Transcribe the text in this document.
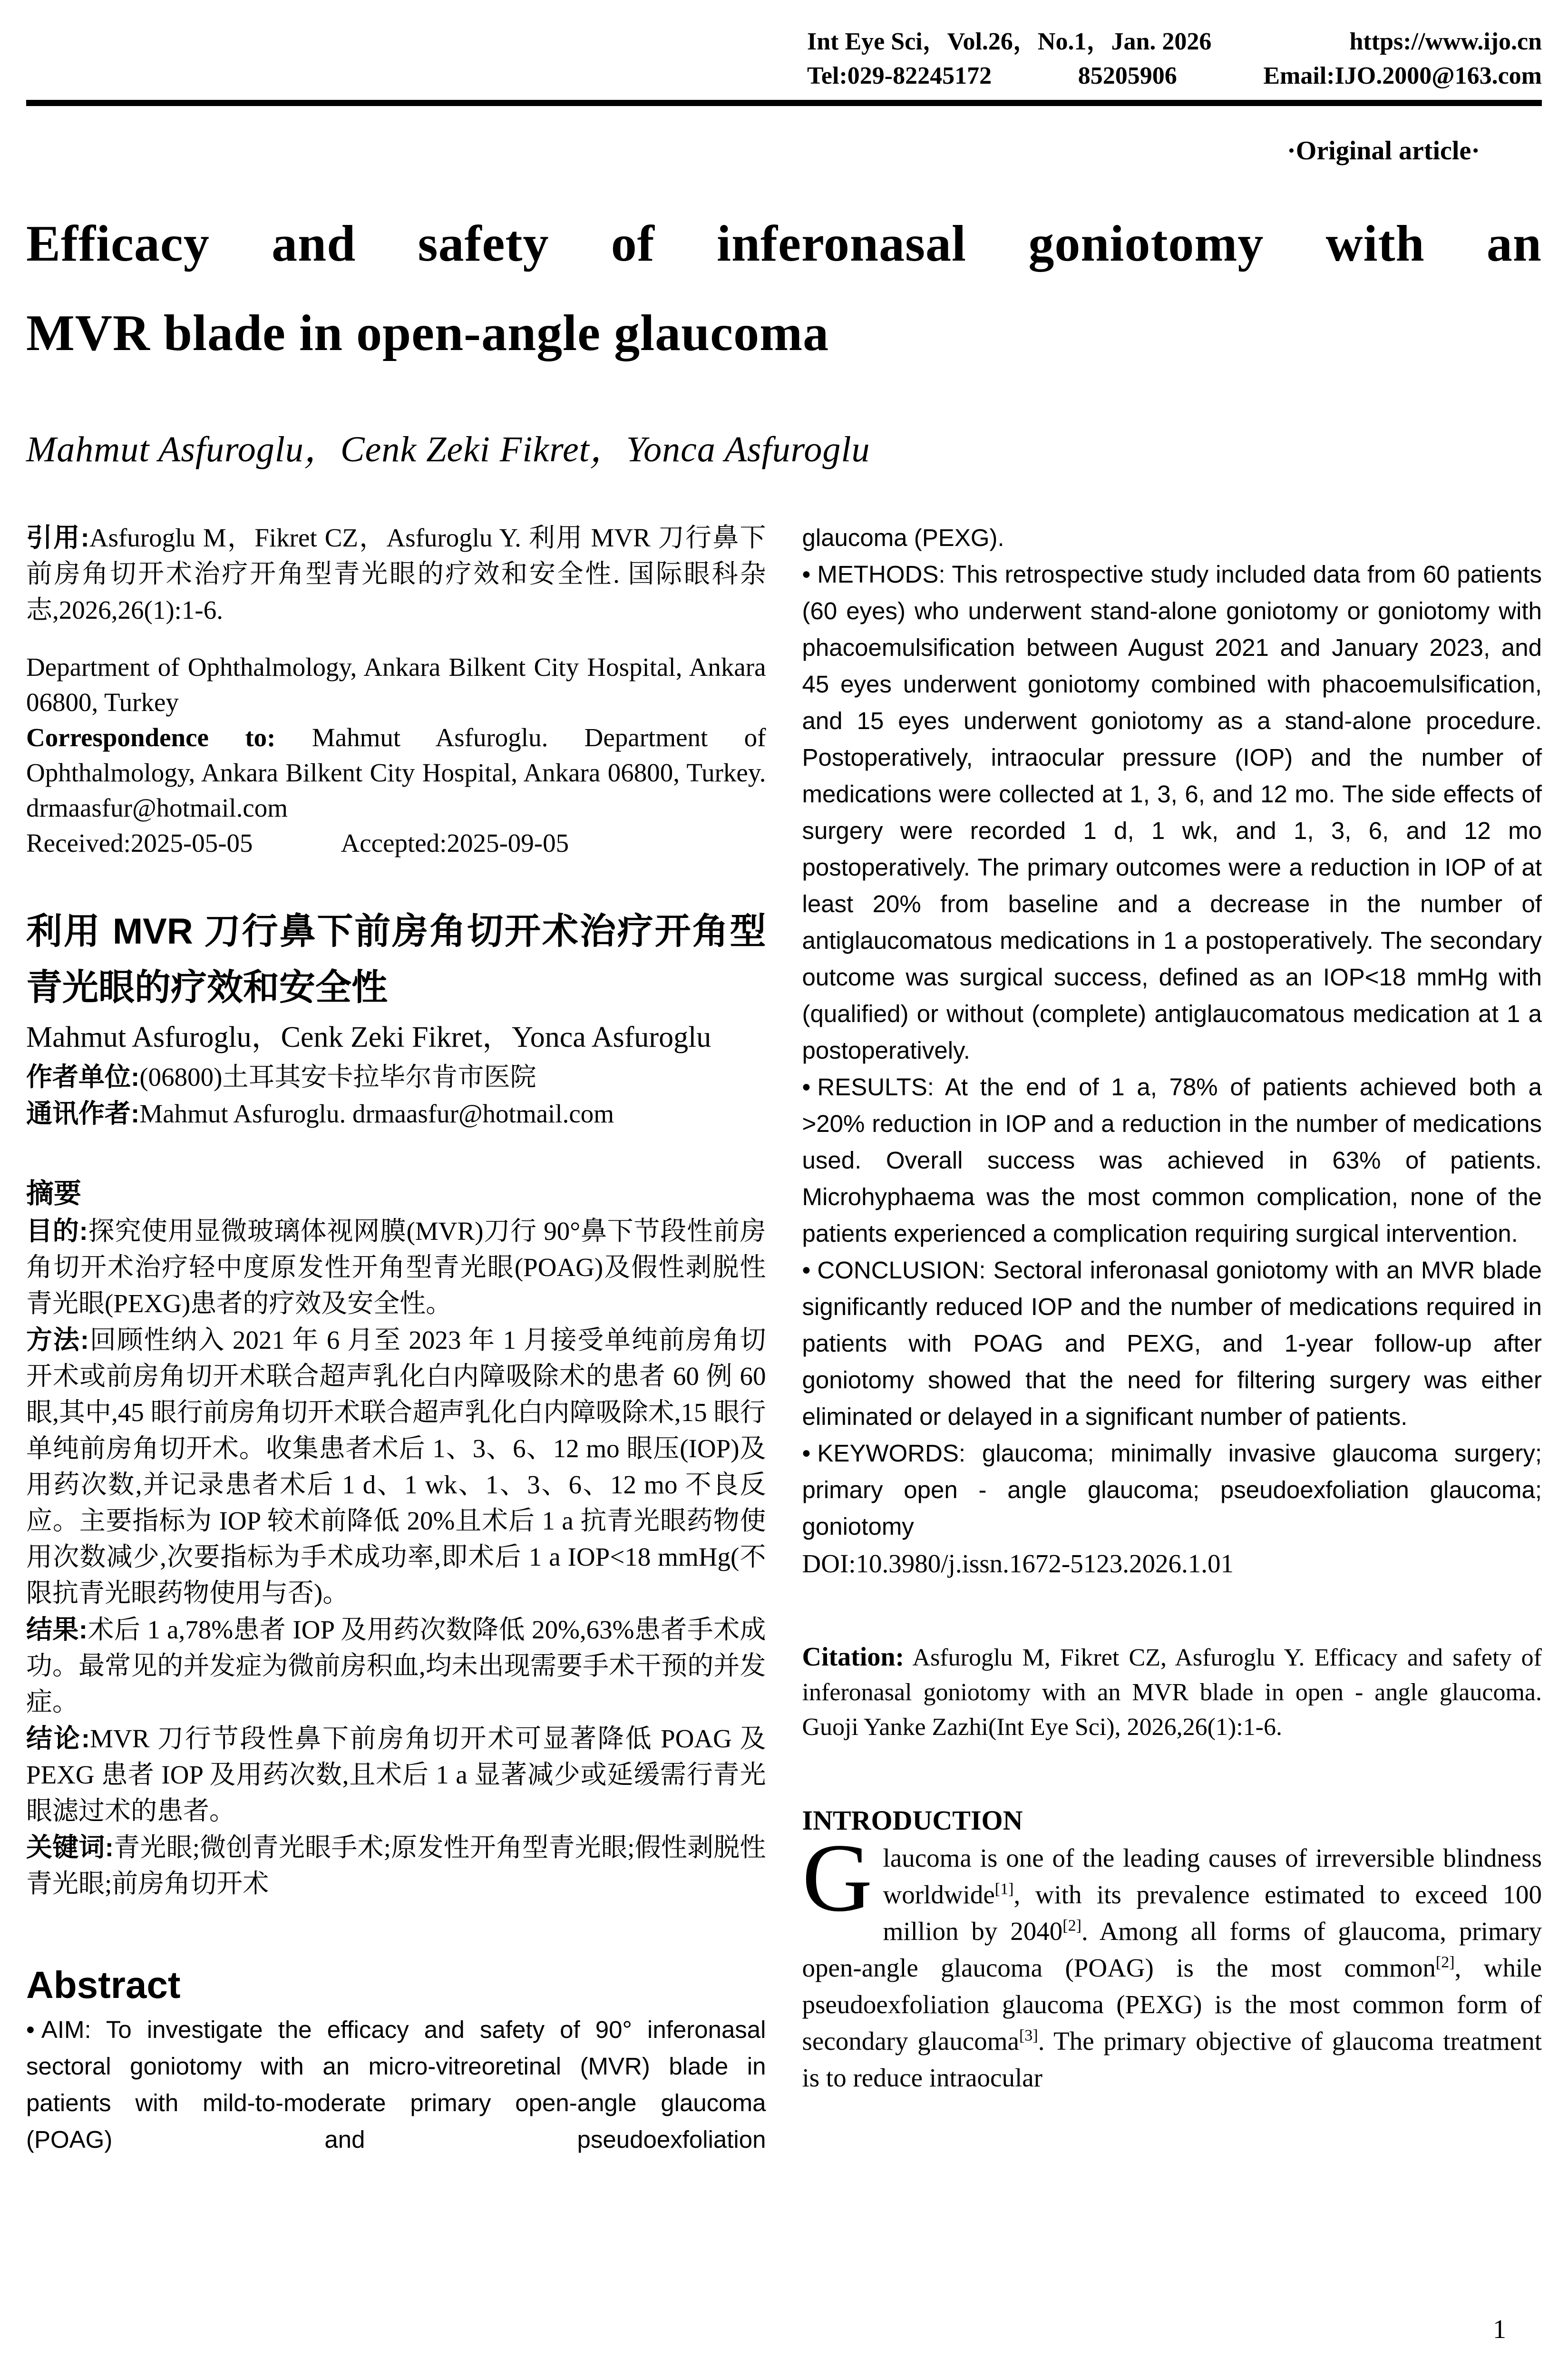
Int Eye Sci，Vol.26，No.1，Jan. 2026	https://www.ijo.cn
Tel:029-82245172	85205906	Email:IJO.2000@163.com
·Original article·
Efficacy and safety of inferonasal goniotomy with an
MVR blade in open-angle glaucoma
Mahmut Asfuroglu，Cenk Zeki Fikret，Yonca Asfuroglu

引用:Asfuroglu M，Fikret CZ，Asfuroglu Y. 利用 MVR 刀行鼻下前房角切开术治疗开角型青光眼的疗效和安全性. 国际眼科杂志,2026,26(1):1-6.

Department of Ophthalmology, Ankara Bilkent City Hospital, Ankara 06800, Turkey

Correspondence to: Mahmut Asfuroglu. Department of Ophthalmology, Ankara Bilkent City Hospital, Ankara 06800, Turkey. drmaasfur@hotmail.com

Received:2025-05-05	Accepted:2025-09-05

利用 MVR 刀行鼻下前房角切开术治疗开角型青光眼的疗效和安全性

Mahmut Asfuroglu，Cenk Zeki Fikret，Yonca Asfuroglu

作者单位:(06800)土耳其安卡拉毕尔肯市医院

通讯作者:Mahmut Asfuroglu. drmaasfur@hotmail.com

摘要

目的:探究使用显微玻璃体视网膜(MVR)刀行 90°鼻下节段性前房角切开术治疗轻中度原发性开角型青光眼(POAG)及假性剥脱性青光眼(PEXG)患者的疗效及安全性。

方法:回顾性纳入 2021 年 6 月至 2023 年 1 月接受单纯前房角切开术或前房角切开术联合超声乳化白内障吸除术的患者 60 例 60 眼,其中,45 眼行前房角切开术联合超声乳化白内障吸除术,15 眼行单纯前房角切开术。收集患者术后 1、3、6、12 mo 眼压(IOP)及用药次数,并记录患者术后 1 d、1 wk、1、3、6、12 mo 不良反应。主要指标为 IOP 较术前降低 20%且术后 1 a 抗青光眼药物使用次数减少,次要指标为手术成功率,即术后 1 a IOP<18 mmHg(不限抗青光眼药物使用与否)。

结果:术后 1 a,78%患者 IOP 及用药次数降低 20%,63%患者手术成功。最常见的并发症为微前房积血,均未出现需要手术干预的并发症。

结论:MVR 刀行节段性鼻下前房角切开术可显著降低 POAG 及 PEXG 患者 IOP 及用药次数,且术后 1 a 显著减少或延缓需行青光眼滤过术的患者。

关键词:青光眼;微创青光眼手术;原发性开角型青光眼;假性剥脱性青光眼;前房角切开术

Abstract

• AIM: To investigate the efficacy and safety of 90° inferonasal sectoral goniotomy with an micro-vitreoretinal (MVR) blade in patients with mild-to-moderate primary open-angle glaucoma (POAG) and pseudoexfoliation

glaucoma (PEXG).

• METHODS: This retrospective study included data from 60 patients (60 eyes) who underwent stand-alone goniotomy or goniotomy with phacoemulsification between August 2021 and January 2023, and 45 eyes underwent goniotomy combined with phacoemulsification, and 15 eyes underwent goniotomy as a stand-alone procedure. Postoperatively, intraocular pressure (IOP) and the number of medications were collected at 1, 3, 6, and 12 mo. The side effects of surgery were recorded 1 d, 1 wk, and 1, 3, 6, and 12 mo postoperatively. The primary outcomes were a reduction in IOP of at least 20% from baseline and a decrease in the number of antiglaucomatous medications in 1 a postoperatively. The secondary outcome was surgical success, defined as an IOP<18 mmHg with (qualified) or without (complete) antiglaucomatous medication at 1 a postoperatively.

• RESULTS: At the end of 1 a, 78% of patients achieved both a >20% reduction in IOP and a reduction in the number of medications used. Overall success was achieved in 63% of patients. Microhyphaema was the most common complication, none of the patients experienced a complication requiring surgical intervention.

• CONCLUSION: Sectoral inferonasal goniotomy with an MVR blade significantly reduced IOP and the number of medications required in patients with POAG and PEXG, and 1-year follow-up after goniotomy showed that the need for filtering surgery was either eliminated or delayed in a significant number of patients.

• KEYWORDS: glaucoma; minimally invasive glaucoma surgery; primary open - angle glaucoma; pseudoexfoliation glaucoma; goniotomy

DOI:10.3980/j.issn.1672-5123.2026.1.01

Citation: Asfuroglu M, Fikret CZ, Asfuroglu Y. Efficacy and safety of inferonasal goniotomy with an MVR blade in open - angle glaucoma. Guoji Yanke Zazhi(Int Eye Sci), 2026,26(1):1-6.

INTRODUCTION

Glaucoma is one of the leading causes of irreversible blindness worldwide[1], with its prevalence estimated to exceed 100 million by 2040[2]. Among all forms of glaucoma, primary open-angle glaucoma (POAG) is the most common[2], while pseudoexfoliation glaucoma (PEXG) is the most common form of secondary glaucoma[3]. The primary objective of glaucoma treatment is to reduce intraocular

1
